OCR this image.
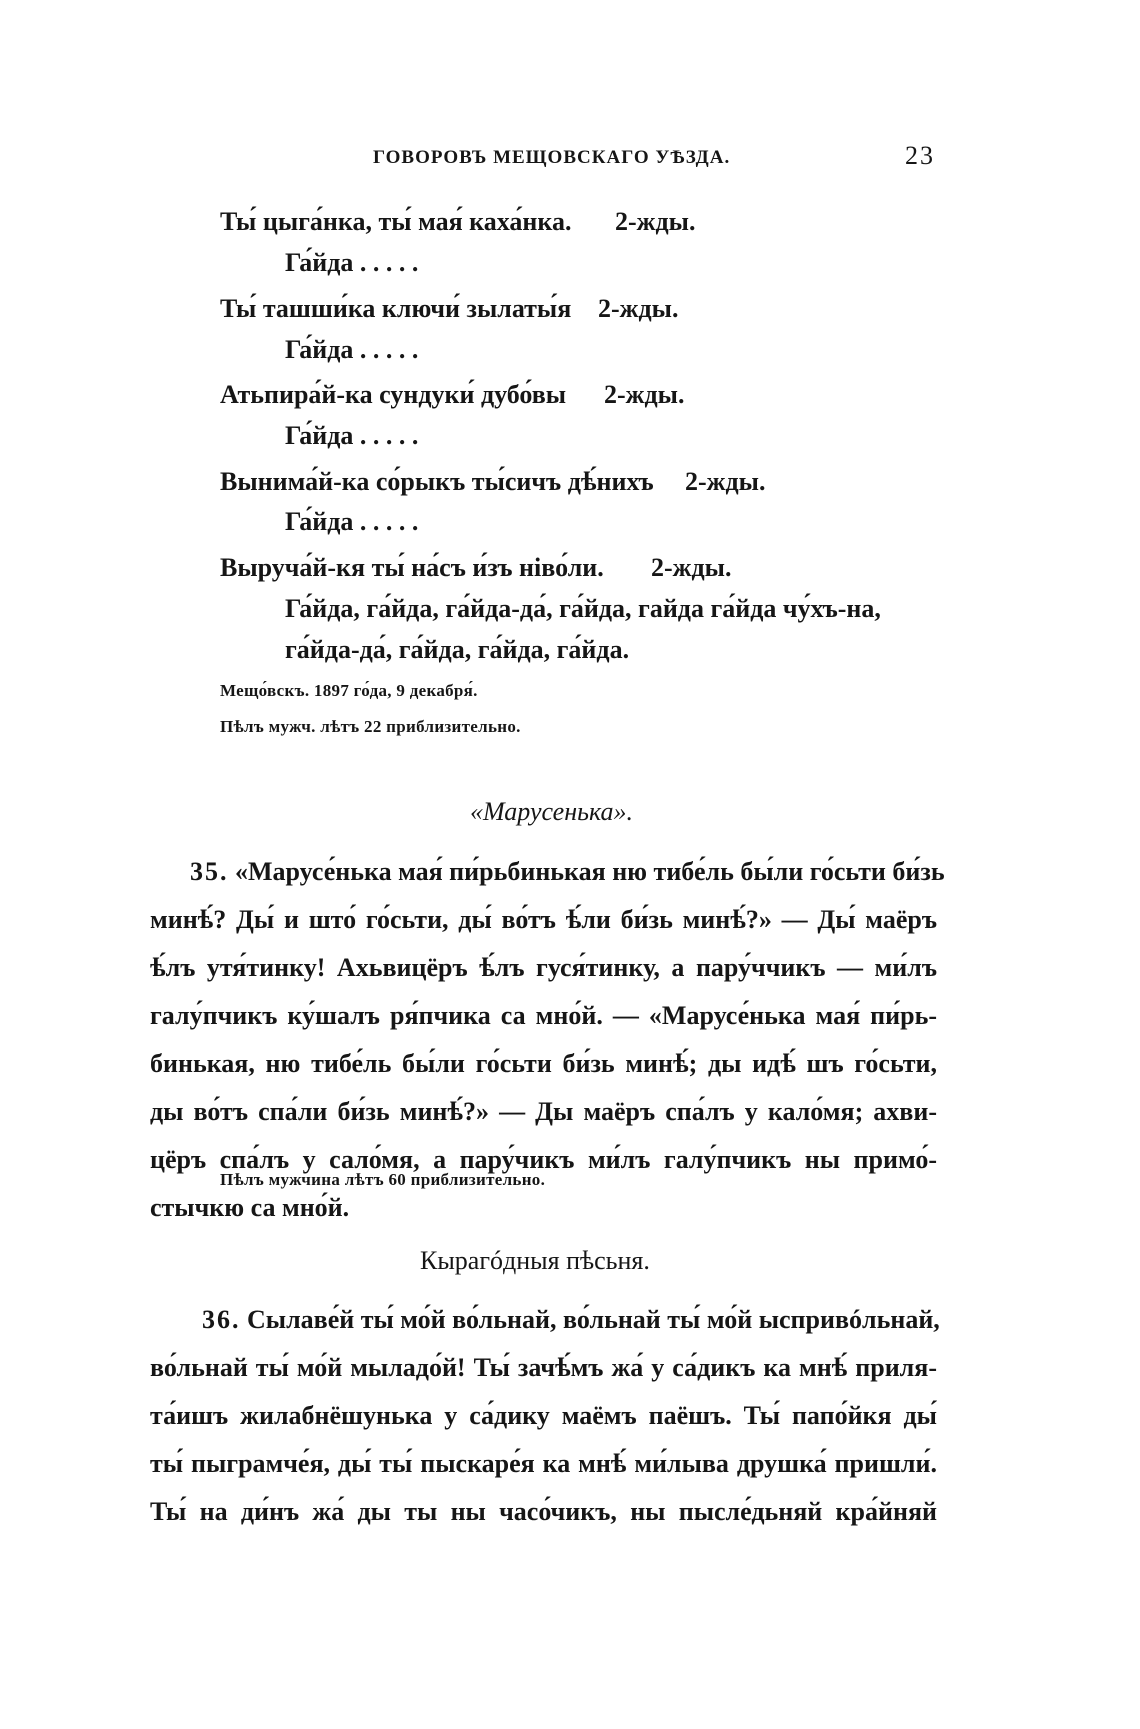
ГОВОРОВЪ МЕЩОВСКАГО УѢЗДА.	23
Ты́ цыга́нка, ты́ мая́ каха́нка. 2-жды.
Га́йда . . . . .
Ты́ ташши́ка ключи́ зылаты́я 2-жды.
Га́йда . . . . .
Атьпира́й-ка сундуки́ дубо́вы 2-жды.
Га́йда . . . . .
Вынима́й-ка со́рыкъ ты́сичъ дѣ́нихъ 2-жды.
Га́йда . . . . .
Выруча́й-кя ты́ на́съ и́зъ нiво́ли. 2-жды.
Га́йда, га́йда, га́йда-да́, га́йда, гайда га́йда чу́хъ-на,
га́йда-да́, га́йда, га́йда, га́йда.
Мещо́вскъ. 1897 го́да, 9 декабря́.
Пѣлъ мужч. лѣтъ 22 приблизительно.
«Марусенька».
35. «Марусе́нька мая́ пи́рьбинькая ню тибе́ль бы́ли го́сьти би́зь
минѣ́? Ды́ и што́ го́сьти, ды́ во́тъ ѣ́ли би́зь минѣ́?» — Ды́ маёръ
ѣ́лъ утя́тинку! Ахьвицёръ ѣ́лъ гуся́тинку, а пару́ччикъ — ми́лъ
галу́пчикъ ку́шалъ ря́пчика са мно́й. — «Марусе́нька мая́ пи́рь-
бинькая, ню тибе́ль бы́ли го́сьти би́зь минѣ́; ды идѣ́ шъ го́сьти,
ды во́тъ спа́ли би́зь минѣ́?» — Ды маёръ спа́лъ у кало́мя; ахви-
цёръ спа́лъ у сало́мя, а пару́чикъ ми́лъ галу́пчикъ ны примо́-
стычкю са мно́й.
Пѣлъ мужчина лѣтъ 60 приблизительно.
Кырагóдныя пѣсьня.
36. Сылаве́й ты́ мо́й во́льнай, во́льнай ты́ мо́й ыспривóльнай,
во́льнай ты́ мо́й мыладо́й! Ты́ зачѣ́мъ жа́ у са́дикъ ка мнѣ́ приля-
та́ишъ жилабнёшунька у са́дику маёмъ паёшъ. Ты́ папо́йкя ды́
ты́ пыграмче́я, ды́ ты́ пыскаре́я ка мнѣ́ ми́лыва друшка́ пришли́.
Ты́ на ди́нъ жа́ ды ты ны часо́чикъ, ны пысле́дьняй кра́йняй
